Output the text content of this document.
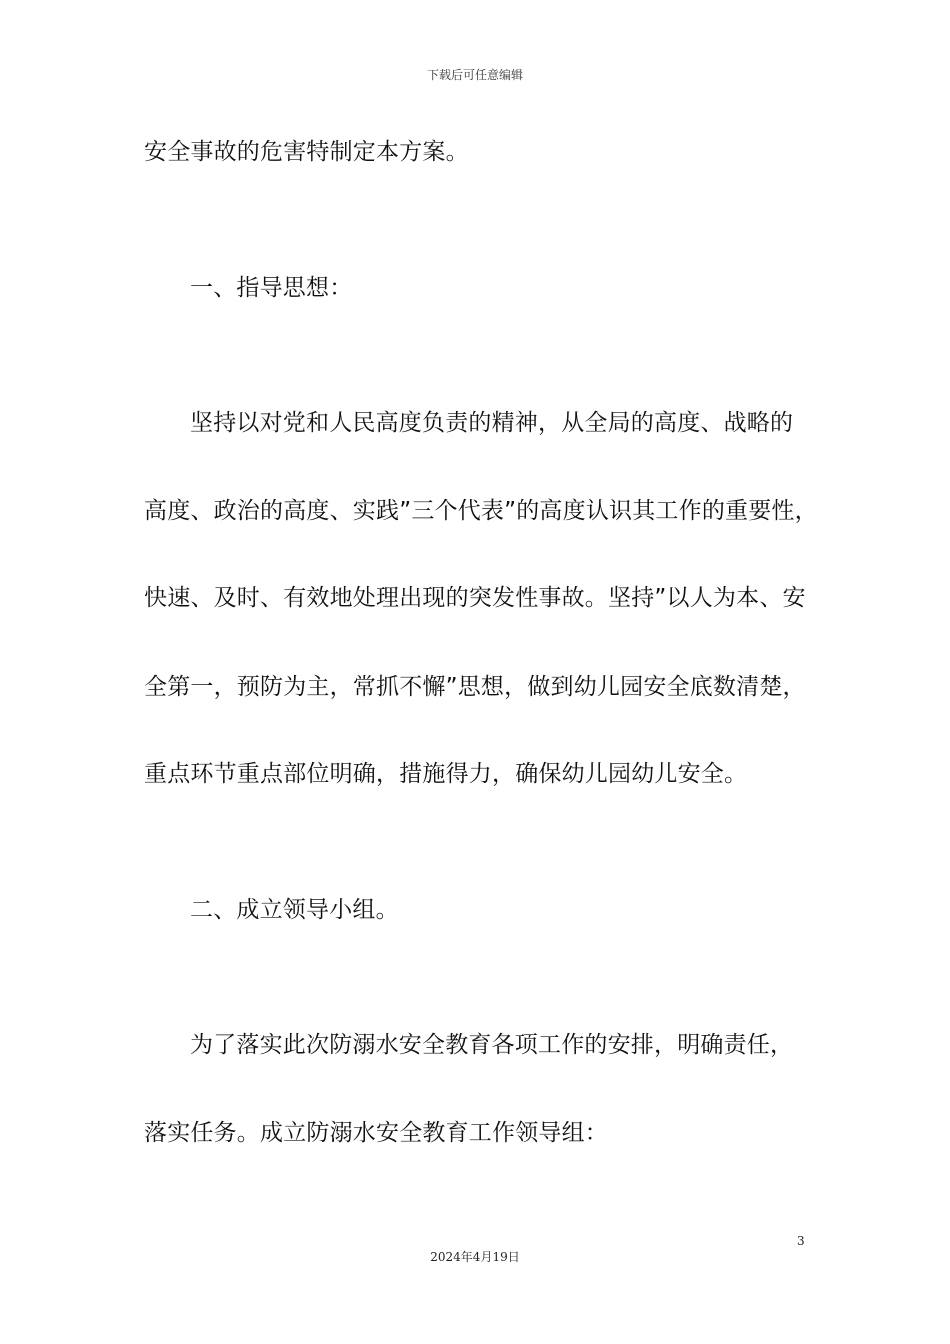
下载后可任意编辑
安全事故的危害特制定本方案。
一、指导思想：
坚持以对党和人民高度负责的精神，从全局的高度、战略的
高度、政治的高度、实践”三个代表”的高度认识其工作的重要性，
快速、及时、有效地处理出现的突发性事故。坚持”以人为本、安
全第一，预防为主，常抓不懈”思想，做到幼儿园安全底数清楚，
重点环节重点部位明确，措施得力，确保幼儿园幼儿安全。
二、成立领导小组。
为了落实此次防溺水安全教育各项工作的安排，明确责任，
落实任务。成立防溺水安全教育工作领导组：
3
2024年4月19日
